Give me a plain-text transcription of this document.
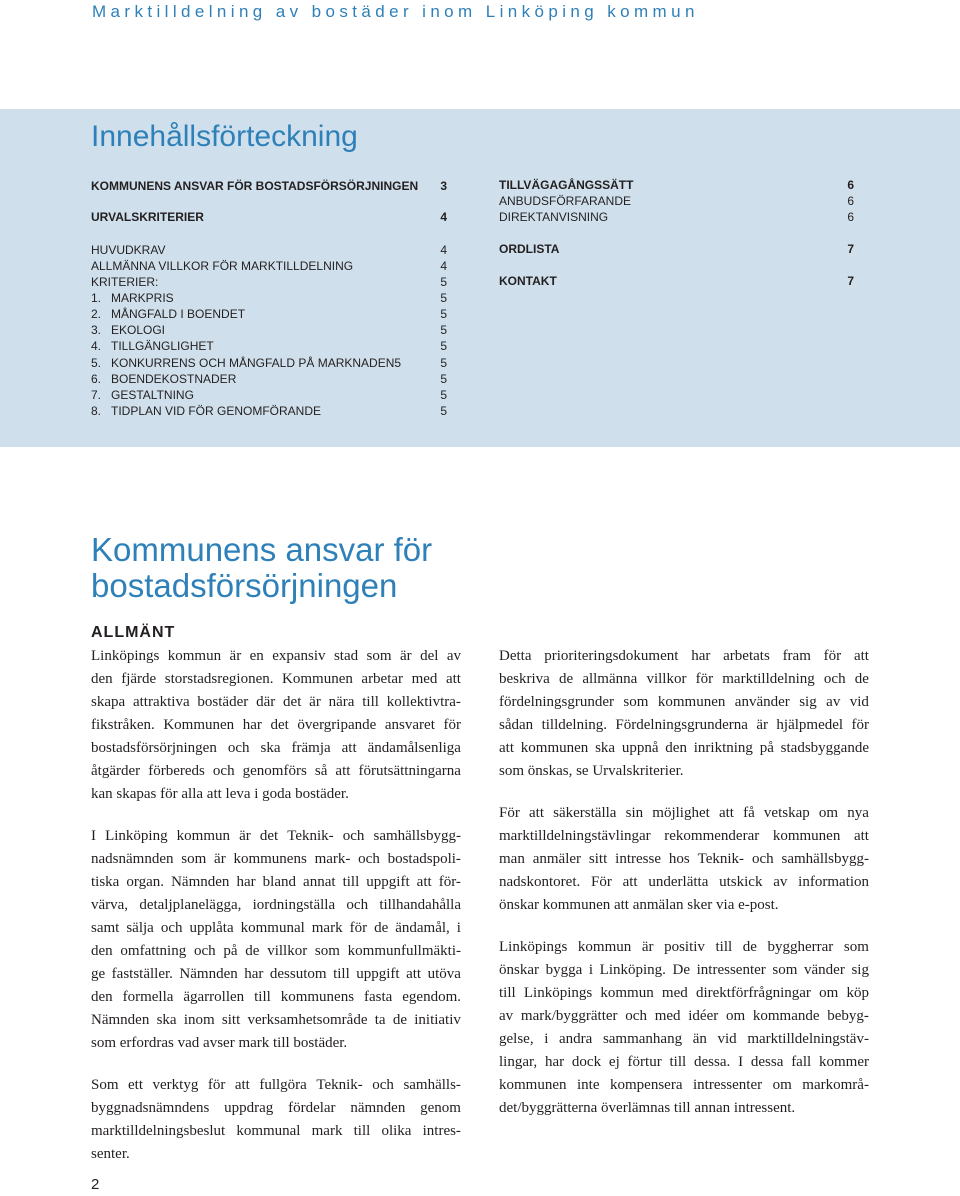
Marktilldelning av bostäder inom Linköping kommun
Innehållsförteckning
KOMMUNENS ANSVAR FÖR BOSTADSFÖRSÖRJNINGEN 3
URVALSKRITERIER	4
HUVUDKRAV	4
ALLMÄNNA VILLKOR FÖR MARKTILLDELNING	4
KRITERIER:	5
1. MARKPRIS	5
2. MÅNGFALD I BOENDET	5
3. EKOLOGI	5
4. TILLGÄNGLIGHET	5
5. KONKURRENS OCH MÅNGFALD PÅ MARKNADEN5	5
6. BOENDEKOSTNADER	5
7. GESTALTNING	5
8. TIDPLAN VID FÖR GENOMFÖRANDE	5
TILLVÄGAGÅNGSSÄTT	6
ANBUDSFÖRFARANDE	6
DIREKTANVISNING	6
ORDLISTA	7
KONTAKT	7
Kommunens ansvar för
bostadsförsörjningen
ALLMÄNT
Linköpings kommun är en expansiv stad som är del av
den fjärde storstadsregionen. Kommunen arbetar med att
skapa attraktiva bostäder där det är nära till kollektivtra-
fikstråken. Kommunen har det övergripande ansvaret för
bostadsförsörjningen och ska främja att ändamålsenliga
åtgärder förbereds och genomförs så att förutsättningarna
kan skapas för alla att leva i goda bostäder.
I Linköping kommun är det Teknik- och samhällsbygg-
nadsnämnden som är kommunens mark- och bostadspoli-
tiska organ. Nämnden har bland annat till uppgift att för-
värva, detaljplanelägga, iordningställa och tillhandahålla
samt sälja och upplåta kommunal mark för de ändamål, i
den omfattning och på de villkor som kommunfullmäkti-
ge fastställer. Nämnden har dessutom till uppgift att utöva
den formella ägarrollen till kommunens fasta egendom.
Nämnden ska inom sitt verksamhetsområde ta de initiativ
som erfordras vad avser mark till bostäder.
Som ett verktyg för att fullgöra Teknik- och samhälls-
byggnadsnämndens uppdrag fördelar nämnden genom
marktilldelningsbeslut kommunal mark till olika intres-
senter.
Detta prioriteringsdokument har arbetats fram för att
beskriva de allmänna villkor för marktilldelning och de
fördelningsgrunder som kommunen använder sig av vid
sådan tilldelning. Fördelningsgrunderna är hjälpmedel för
att kommunen ska uppnå den inriktning på stadsbyggande
som önskas, se Urvalskriterier.
För att säkerställa sin möjlighet att få vetskap om nya
marktilldelningstävlingar rekommenderar kommunen att
man anmäler sitt intresse hos Teknik- och samhällsbygg-
nadskontoret. För att underlätta utskick av information
önskar kommunen att anmälan sker via e-post.
Linköpings kommun är positiv till de byggherrar som
önskar bygga i Linköping. De intressenter som vänder sig
till Linköpings kommun med direktförfrågningar om köp
av mark/byggrätter och med idéer om kommande bebyg-
gelse, i andra sammanhang än vid marktilldelningstäv-
lingar, har dock ej förtur till dessa. I dessa fall kommer
kommunen inte kompensera intressenter om markområ-
det/byggrätterna överlämnas till annan intressent.
2
